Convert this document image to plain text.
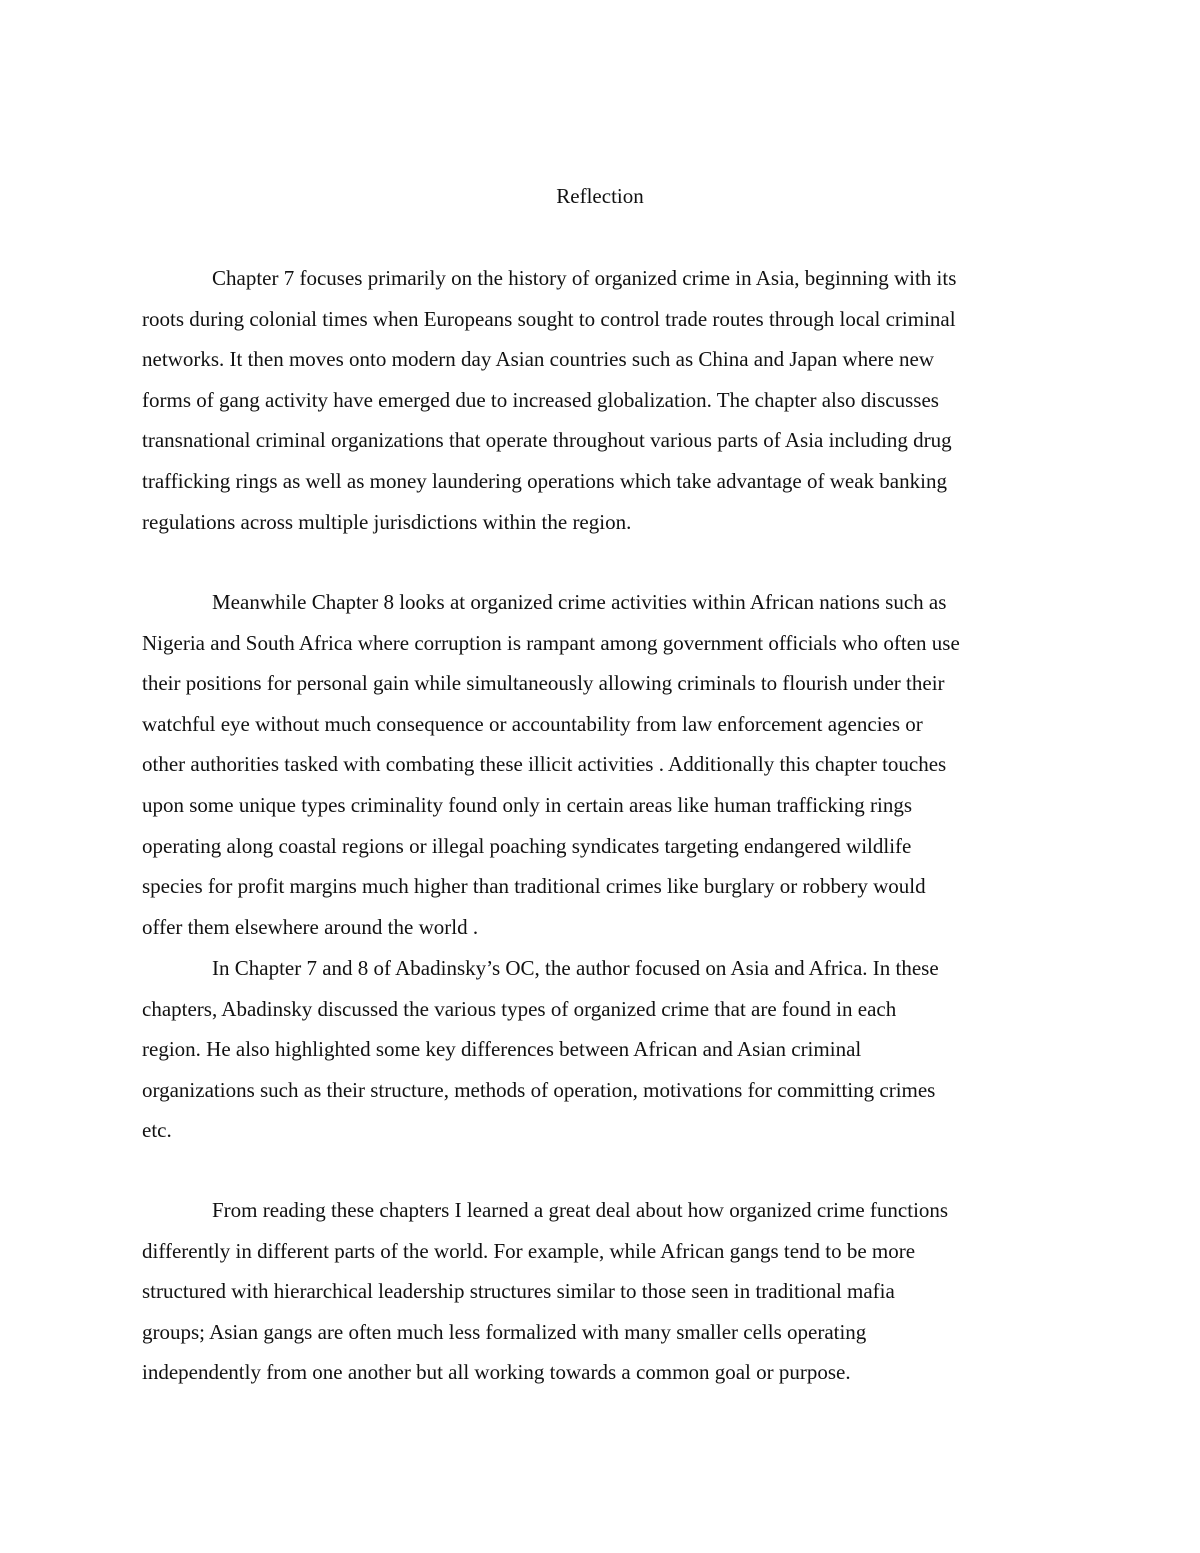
Reflection
Chapter 7 focuses primarily on the history of organized crime in Asia, beginning with its
roots during colonial times when Europeans sought to control trade routes through local criminal
networks. It then moves onto modern day Asian countries such as China and Japan where new
forms of gang activity have emerged due to increased globalization. The chapter also discusses
transnational criminal organizations that operate throughout various parts of Asia including drug
trafficking rings as well as money laundering operations which take advantage of weak banking
regulations across multiple jurisdictions within the region.
Meanwhile Chapter 8 looks at organized crime activities within African nations such as
Nigeria and South Africa where corruption is rampant among government officials who often use
their positions for personal gain while simultaneously allowing criminals to flourish under their
watchful eye without much consequence or accountability from law enforcement agencies or
other authorities tasked with combating these illicit activities . Additionally this chapter touches
upon some unique types criminality found only in certain areas like human trafficking rings
operating along coastal regions or illegal poaching syndicates targeting endangered wildlife
species for profit margins much higher than traditional crimes like burglary or robbery would
offer them elsewhere around the world .
In Chapter 7 and 8 of Abadinsky’s OC, the author focused on Asia and Africa. In these
chapters, Abadinsky discussed the various types of organized crime that are found in each
region. He also highlighted some key differences between African and Asian criminal
organizations such as their structure, methods of operation, motivations for committing crimes
etc.
From reading these chapters I learned a great deal about how organized crime functions
differently in different parts of the world. For example, while African gangs tend to be more
structured with hierarchical leadership structures similar to those seen in traditional mafia
groups; Asian gangs are often much less formalized with many smaller cells operating
independently from one another but all working towards a common goal or purpose.
